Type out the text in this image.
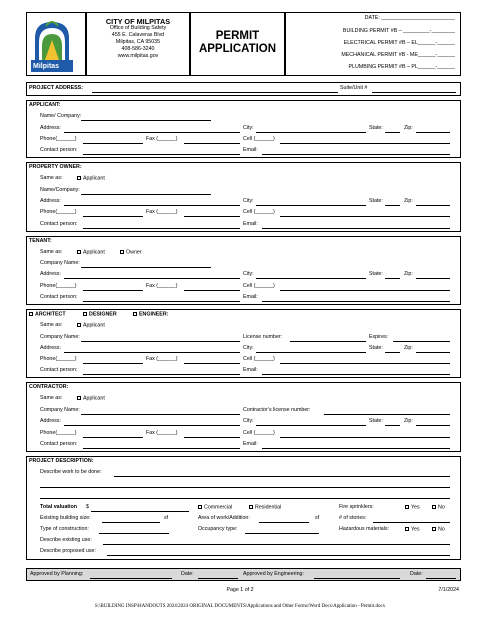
Milpitas
CITY OF MILPITAS
Office of Building Safety
455 E. Calaveras Blvd
Milpitas, CA 95035
408-586-3240
www.milpitas.gov
PERMIT
APPLICATION
DATE: _________________________
BUILDING PERMIT #B – _________-________
ELECTRICAL PERMIT #B – EL______-______
MECHANICAL PERMIT #B - ME______-______
PLUMBING PERMIT #B – PL______-______
PROJECT ADDRESS:	Suite/Unit #
APPLICANT:
Name/ Company:
Address:	City:	State:	Zip:
Phone(______)	Fax (______)	Cell (______)
Contact person:	Email:
PROPERTY OWNER:
Same as:	Applicant
Name/Company:
Address:	City:	State:	Zip:
Phone(______)	Fax (______)	Cell (______)
Contact person:	Email:
TENANT:
Same as:	Applicant	Owner
Company Name:
Address:	City:	State:	Zip:
Phone(______)	Fax (______)	Cell (______)
Contact person:	Email:
ARCHITECT	DESIGNER	ENGINEER:
Same as:	Applicant
Company Name:	License number:	Expires:
Address:	City:	State:	Zip:
Phone(______)	Fax (______)	Cell (______)
Contact person:	Email:
CONTRACTOR:
Same as:	Applicant
Company Name:	Contractor’s license number:
Address:	City:	State:	Zip:
Phone(______)	Fax (______)	Cell (______)
Contact person:	Email:
PROJECT DESCRIPTION:
Describe work to be done:
Total valuation $	Commercial	Residential	Fire sprinklers:	Yes	No
Existing building size:	sf	Area of work/Addition:	sf	# of stories:
Type of construction:	Occupancy type:	Hazardous materials:	Yes	No
Describe existing use:
Describe proposed use:
Approved by Planning:	Date:	Approved by Engineering:	Date:
Page 1 of 2	7/1/2024
S:\BUILDING INSP\HANDOUTS 2024\2024 ORIGINAL DOCUMENTS\Applications and Other Forms\Word Docs\Application - Permit.docx
